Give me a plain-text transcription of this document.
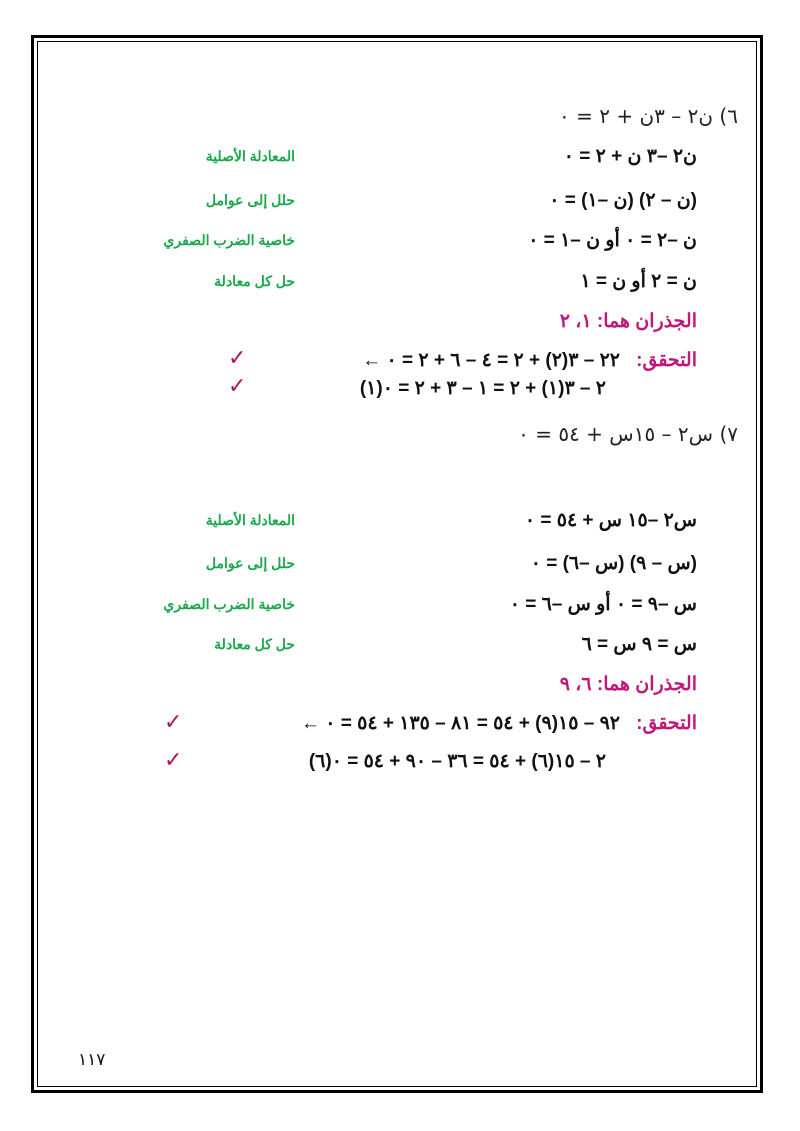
٦) ن٢ – ٣ن + ٢ = ٠
ن٢ –٣ ن + ٢ = ٠
المعادلة الأصلية
(ن – ٢) (ن –١) = ٠
حلل إلى عوامل
ن –٢ = ٠ أو ن –١ = ٠
خاصية الضرب الصفري
ن = ٢ أو ن = ١
حل كل معادلة
الجذران هما: ١، ٢
التحقق:
← ٢٢ – ٣(٢) + ٢ = ٤ – ٦ + ٢ = ٠
✓
(١)٢ – ٣(١) + ٢ = ١ – ٣ + ٢ = ٠
✓
٧) س٢ – ١٥س + ٥٤ = ٠
س٢ –١٥ س + ٥٤ = ٠
المعادلة الأصلية
(س – ٩) (س –٦) = ٠
حلل إلى عوامل
س –٩ = ٠ أو س –٦ = ٠
خاصية الضرب الصفري
س = ٩ س = ٦
حل كل معادلة
الجذران هما: ٦، ٩
التحقق:
← ٩٢ – ١٥(٩) + ٥٤ = ٨١ – ١٣٥ + ٥٤ = ٠
✓
(٦)٢ – ١٥(٦) + ٥٤ = ٣٦ – ٩٠ + ٥٤ = ٠
✓
١١٧
